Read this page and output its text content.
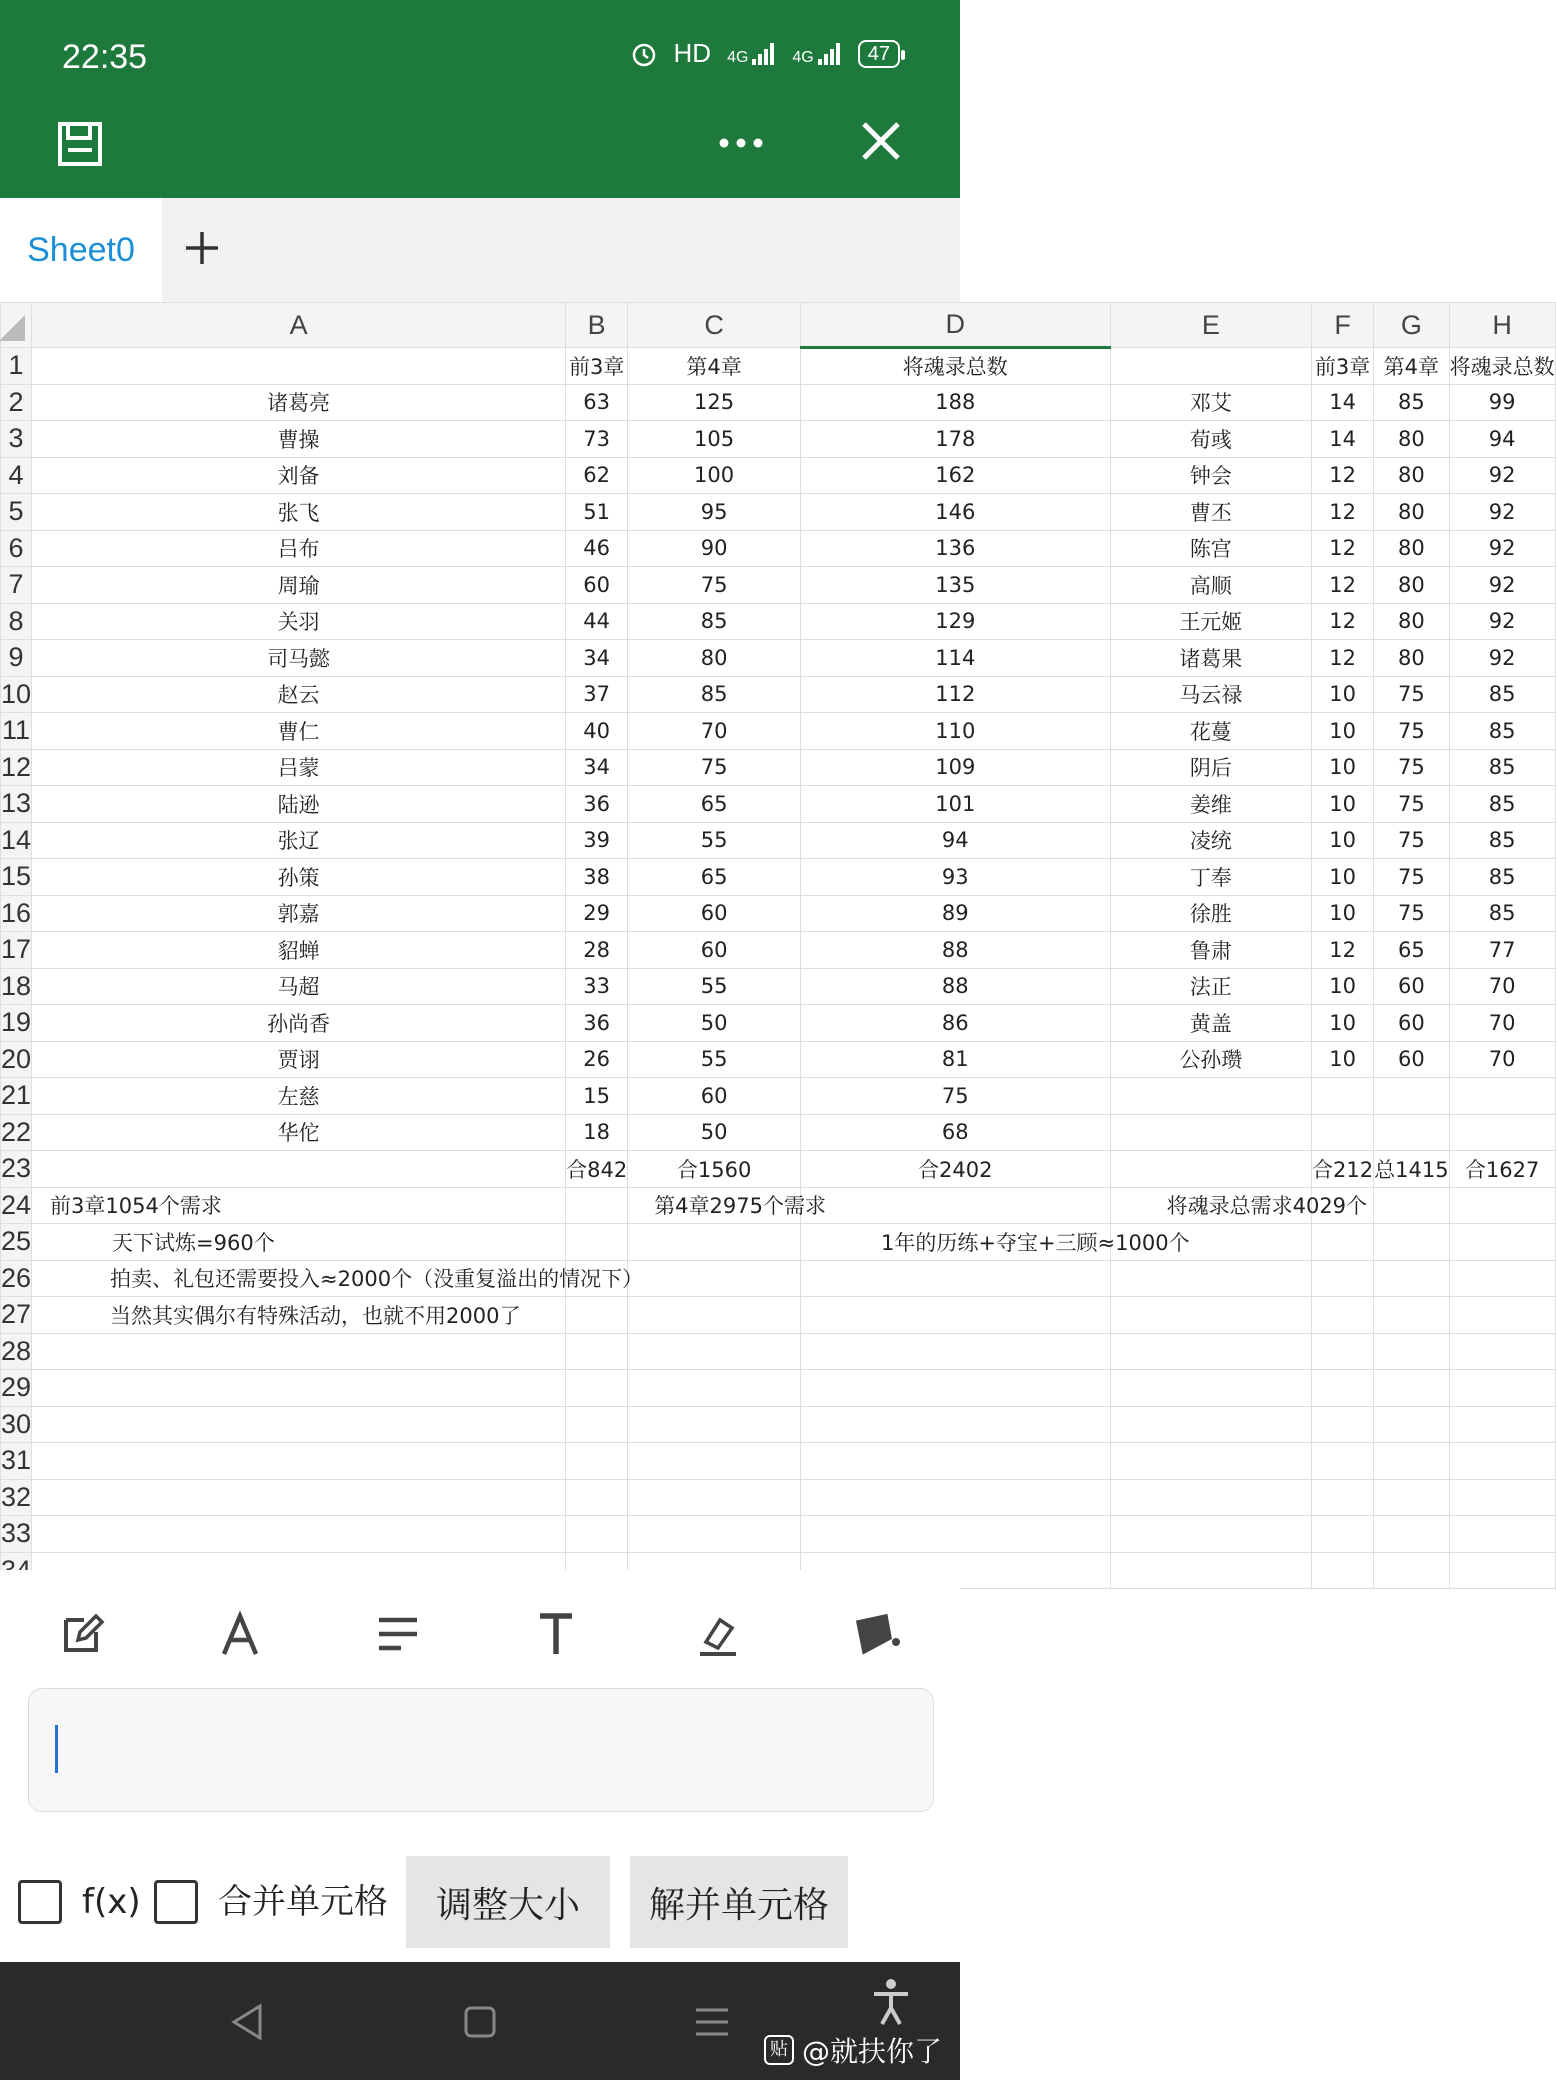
22:35	HD 4G	4G	47
Sheet0
	A	B	C	D	E	F	G	H
1		前3章	第4章	将魂录总数		前3章	第4章	将魂录总数
2	诸葛亮	63	125	188	邓艾	14	85	99
3	曹操	73	105	178	荀彧	14	80	94
4	刘备	62	100	162	钟会	12	80	92
5	张飞	51	95	146	曹丕	12	80	92
6	吕布	46	90	136	陈宫	12	80	92
7	周瑜	60	75	135	高顺	12	80	92
8	关羽	44	85	129	王元姬	12	80	92
9	司马懿	34	80	114	诸葛果	12	80	92
10	赵云	37	85	112	马云禄	10	75	85
11	曹仁	40	70	110	花蔓	10	75	85
12	吕蒙	34	75	109	阴后	10	75	85
13	陆逊	36	65	101	姜维	10	75	85
14	张辽	39	55	94	凌统	10	75	85
15	孙策	38	65	93	丁奉	10	75	85
16	郭嘉	29	60	89	徐胜	10	75	85
17	貂蝉	28	60	88	鲁肃	12	65	77
18	马超	33	55	88	法正	10	60	70
19	孙尚香	36	50	86	黄盖	10	60	70
20	贾诩	26	55	81	公孙瓒	10	60	70
21	左慈	15	60	75				
22	华佗	18	50	68				
23		合842	合1560	合2402		合212	总1415	合1627
24	前3章1054个需求		第4章2975个需求		将魂录总需求4029个			
25	天下试炼=960个			1年的历练+夺宝+三顾≈1000个				
26	拍卖、礼包还需要投入≈2000个（没重复溢出的情况下）							
27	当然其实偶尔有特殊活动，也就不用2000了							
28								
29								
30								
31								
32								
33								

f(x) 合并单元格	调整大小	解并单元格
贴 @就扶你了
